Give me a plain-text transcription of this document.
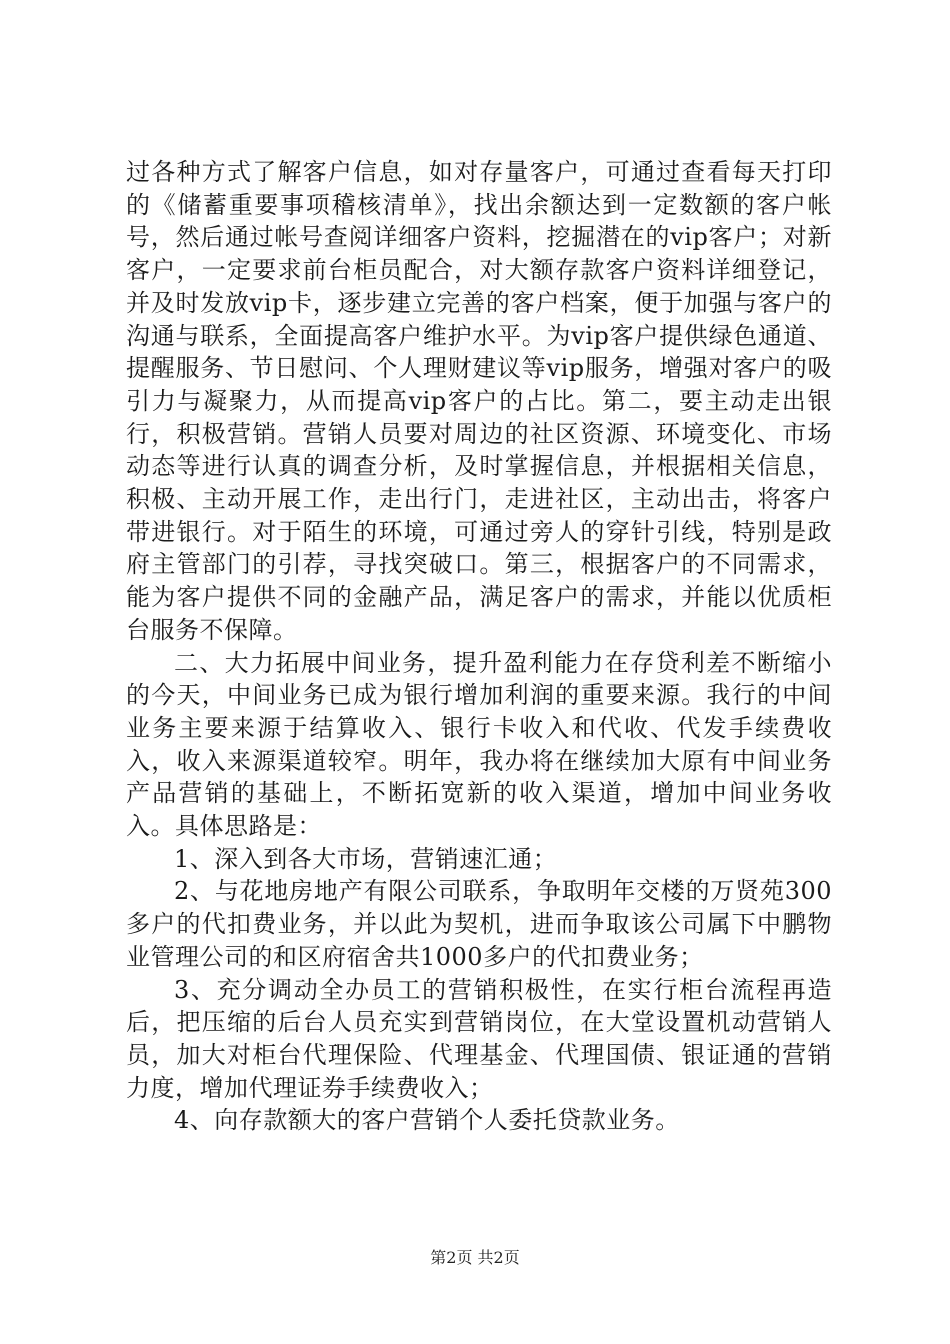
过各种方式了解客户信息，如对存量客户，可通过查看每天打印的《储蓄重要事项稽核清单》，找出余额达到一定数额的客户帐号，然后通过帐号查阅详细客户资料，挖掘潜在的vip客户；对新客户，一定要求前台柜员配合，对大额存款客户资料详细登记，并及时发放vip卡，逐步建立完善的客户档案，便于加强与客户的沟通与联系，全面提高客户维护水平。为vip客户提供绿色通道、提醒服务、节日慰问、个人理财建议等vip服务，增强对客户的吸引力与凝聚力，从而提高vip客户的占比。第二，要主动走出银行，积极营销。营销人员要对周边的社区资源、环境变化、市场动态等进行认真的调查分析，及时掌握信息，并根据相关信息，积极、主动开展工作，走出行门，走进社区，主动出击，将客户带进银行。对于陌生的环境，可通过旁人的穿针引线，特别是政府主管部门的引荐，寻找突破口。第三，根据客户的不同需求，能为客户提供不同的金融产品，满足客户的需求，并能以优质柜台服务不保障。

二、大力拓展中间业务，提升盈利能力在存贷利差不断缩小的今天，中间业务已成为银行增加利润的重要来源。我行的中间业务主要来源于结算收入、银行卡收入和代收、代发手续费收入，收入来源渠道较窄。明年，我办将在继续加大原有中间业务产品营销的基础上，不断拓宽新的收入渠道，增加中间业务收入。具体思路是：

1、深入到各大市场，营销速汇通；

2、与花地房地产有限公司联系，争取明年交楼的万贤苑300多户的代扣费业务，并以此为契机，进而争取该公司属下中鹏物业管理公司的和区府宿舍共1000多户的代扣费业务；

3、充分调动全办员工的营销积极性，在实行柜台流程再造后，把压缩的后台人员充实到营销岗位，在大堂设置机动营销人员，加大对柜台代理保险、代理基金、代理国债、银证通的营销力度，增加代理证券手续费收入；

4、向存款额大的客户营销个人委托贷款业务。

第2页 共2页
